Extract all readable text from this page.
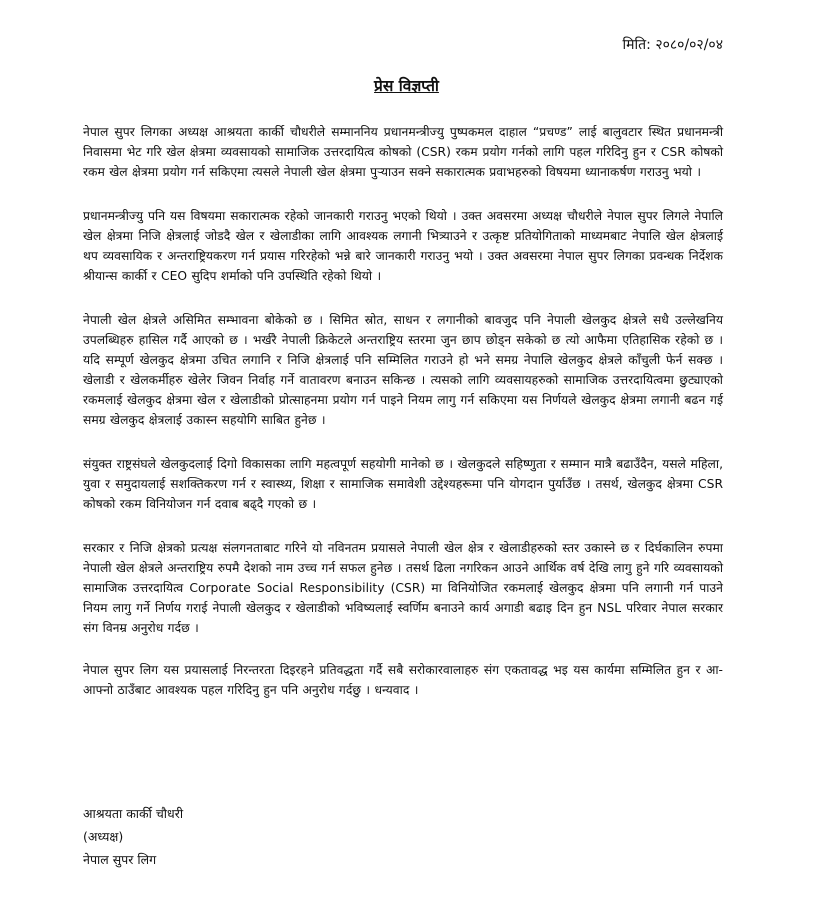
मिति: २०८०/०२/०४
प्रेस विज्ञप्ती

नेपाल सुपर लिगका अध्यक्ष आश्रयता कार्की चौधरीले सम्माननिय प्रधानमन्त्रीज्यु पुष्पकमल दाहाल “प्रचण्ड” लाई बालुवटार स्थित प्रधानमन्त्री निवासमा भेट गरि खेल क्षेत्रमा व्यवसायको सामाजिक उत्तरदायित्व कोषको (CSR) रकम प्रयोग गर्नको लागि पहल गरिदिनु हुन र CSR कोषको रकम खेल क्षेत्रमा प्रयोग गर्न सकिएमा त्यसले नेपाली खेल क्षेत्रमा पुऱ्याउन सक्ने सकारात्मक प्रवाभहरुको विषयमा ध्यानाकर्षण गराउनु भयो ।

प्रधानमन्त्रीज्यु पनि यस विषयमा सकारात्मक रहेको जानकारी गराउनु भएको थियो । उक्त अवसरमा अध्यक्ष चौधरीले नेपाल सुपर लिगले नेपालि खेल क्षेत्रमा निजि क्षेत्रलाई जोडदै खेल र खेलाडीका लागि आवश्यक लगानी भित्र्याउने र उत्कृष्ट प्रतियोगिताको माध्यमबाट नेपालि खेल क्षेत्रलाई थप व्यवसायिक र अन्तराष्ट्रियकरण गर्न प्रयास गरिरहेको भन्ने बारे जानकारी गराउनु भयो । उक्त अवसरमा नेपाल सुपर लिगका प्रवन्धक निर्देशक श्रीयान्स कार्की र CEO सुदिप शर्माको पनि उपस्थिति रहेको थियो ।

नेपाली खेल क्षेत्रले असिमित सम्भावना बोकेको छ । सिमित स्रोत, साधन र लगानीको बावजुद पनि नेपाली खेलकुद क्षेत्रले सधै उल्लेखनिय उपलब्धिहरु हासिल गर्दै आएको छ । भर्खरै नेपाली क्रिकेटले अन्तराष्ट्रिय स्तरमा जुन छाप छोड्न सकेको छ त्यो आफैमा एतिहासिक रहेको छ । यदि सम्पूर्ण खेलकुद क्षेत्रमा उचित लगानि र निजि क्षेत्रलाई पनि सम्मिलित गराउने हो भने समग्र नेपालि खेलकुद क्षेत्रले काँचुली फेर्न सक्छ । खेलाडी र खेलकर्मीहरु खेलेर जिवन निर्वाह गर्ने वातावरण बनाउन सकिन्छ । त्यसको लागि व्यवसायहरुको सामाजिक उत्तरदायित्वमा छुट्याएको रकमलाई खेलकुद क्षेत्रमा खेल र खेलाडीको प्रोत्साहनमा प्रयोग गर्न पाइने नियम लागु गर्न सकिएमा यस निर्णयले खेलकुद क्षेत्रमा लगानी बढन गई समग्र खेलकुद क्षेत्रलाई उकास्न सहयोगि साबित हुनेछ ।

संयुक्त राष्ट्रसंघले खेलकुदलाई दिगो विकासका लागि महत्वपूर्ण सहयोगी मानेको छ । खेलकुदले सहिष्णुता र सम्मान मात्रै बढाउँदैन, यसले महिला, युवा र समुदायलाई सशक्तिकरण गर्न र स्वास्थ्य, शिक्षा र सामाजिक समावेशी उद्देश्यहरूमा पनि योगदान पुर्याउँछ । तसर्थ, खेलकुद क्षेत्रमा CSR कोषको रकम विनियोजन गर्न दवाब बढ्दै गएको छ ।

सरकार र निजि क्षेत्रको प्रत्यक्ष संलगनताबाट गरिने यो नविनतम प्रयासले नेपाली खेल क्षेत्र र खेलाडीहरुको स्तर उकास्ने छ र दिर्घकालिन रुपमा नेपाली खेल क्षेत्रले अन्तराष्ट्रिय रुपमै देशको नाम उच्च गर्न सफल हुनेछ । तसर्थ ढिला नगरिकन आउने आर्थिक वर्ष देखि लागु हुने गरि व्यवसायको सामाजिक उत्तरदायित्व Corporate Social Responsibility (CSR) मा विनियोजित रकमलाई खेलकुद क्षेत्रमा पनि लगानी गर्न पाउने नियम लागु गर्ने निर्णय गराई नेपाली खेलकुद र खेलाडीको भविष्यलाई स्वर्णिम बनाउने कार्य अगाडी बढाइ दिन हुन NSL परिवार नेपाल सरकार संग विनम्र अनुरोध गर्दछ ।

नेपाल सुपर लिग यस प्रयासलाई निरन्तरता दिइरहने प्रतिवद्धता गर्दै सबै सरोकारवालाहरु संग एकतावद्ध भइ यस कार्यमा सम्मिलित हुन र आ-आफ्नो ठाउँबाट आवश्यक पहल गरिदिनु हुन पनि अनुरोध गर्दछु । धन्यवाद ।

आश्रयता कार्की चौधरी
(अध्यक्ष)
नेपाल सुपर लिग
